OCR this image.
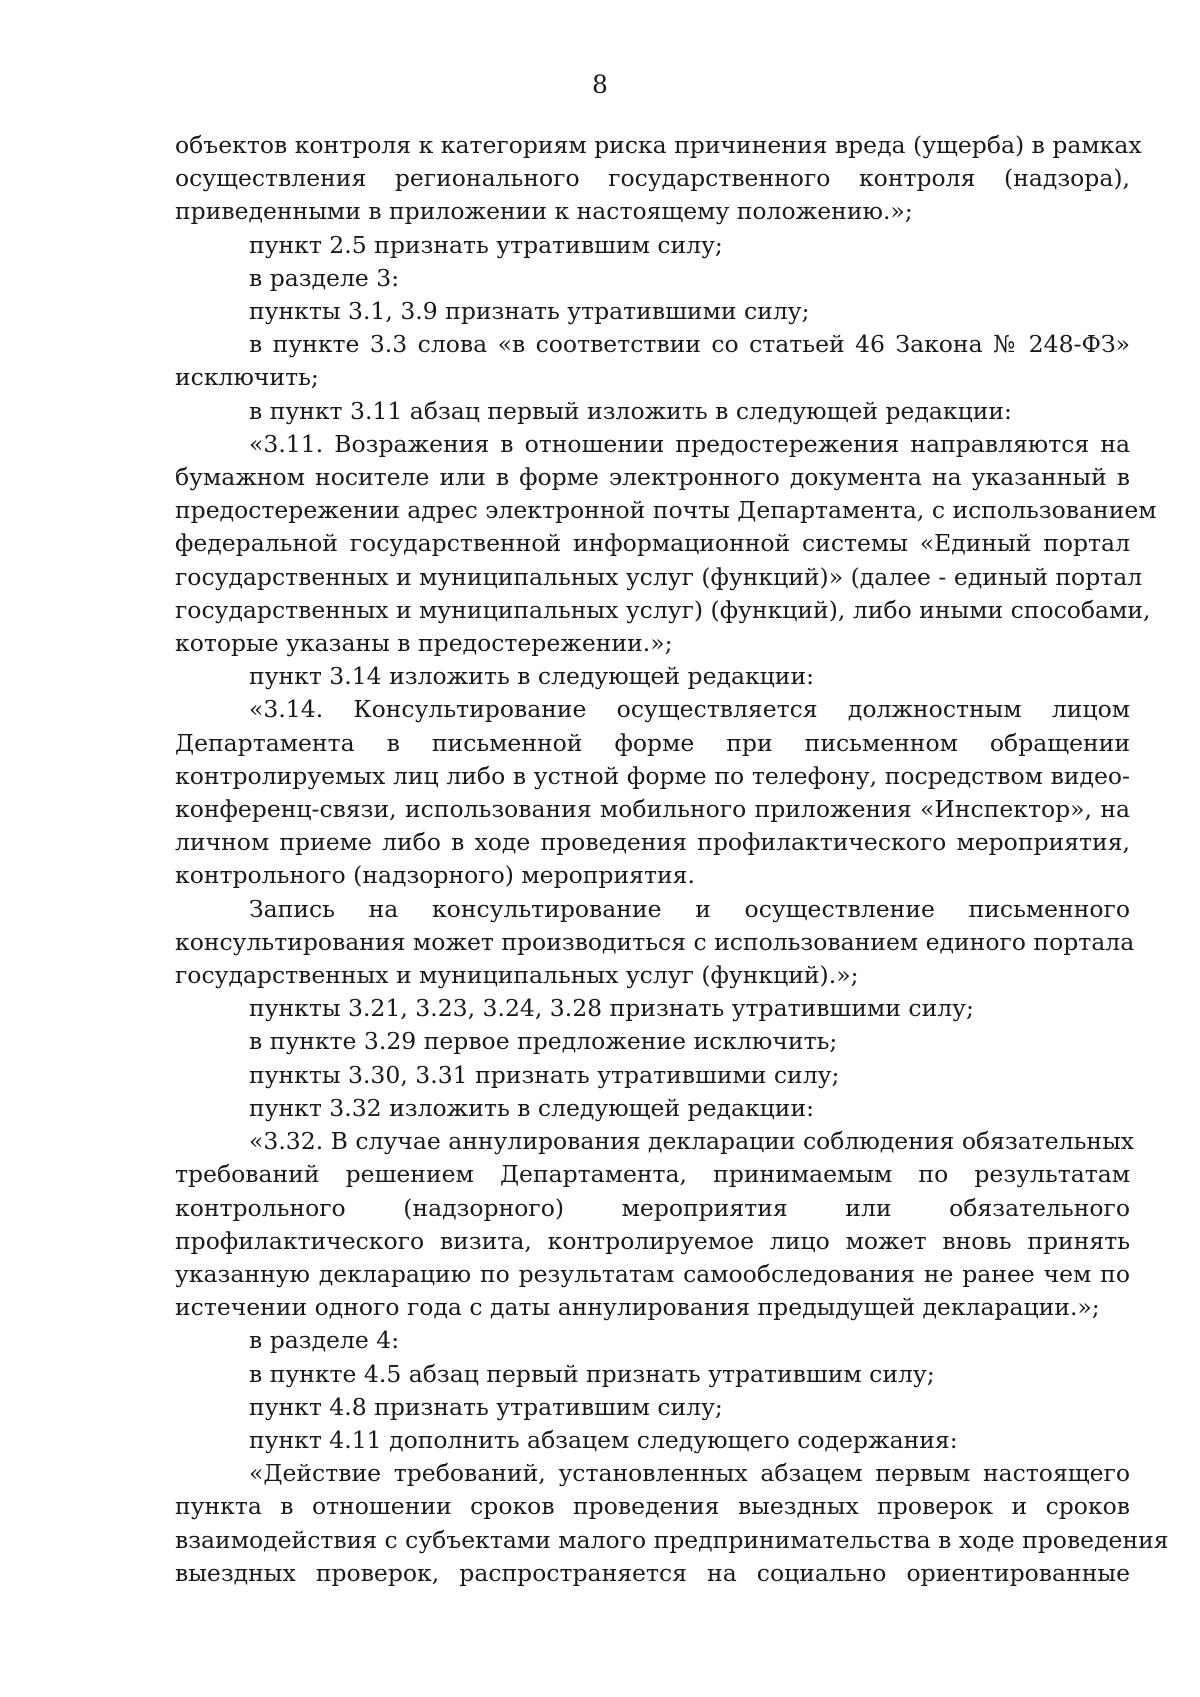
8

объектов контроля к категориям риска причинения вреда (ущерба) в рамках
осуществления регионального государственного контроля (надзора),
приведенными в приложении к настоящему положению.»;

пункт 2.5 признать утратившим силу;

в разделе 3:

пункты 3.1, 3.9 признать утратившими силу;

в пункте 3.3 слова «в соответствии со статьей 46 Закона № 248-ФЗ»
исключить;

в пункт 3.11 абзац первый изложить в следующей редакции:

«3.11. Возражения в отношении предостережения направляются на
бумажном носителе или в форме электронного документа на указанный в
предостережении адрес электронной почты Департамента, с использованием
федеральной государственной информационной системы «Единый портал
государственных и муниципальных услуг (функций)» (далее - единый портал
государственных и муниципальных услуг) (функций), либо иными способами,
которые указаны в предостережении.»;

пункт 3.14 изложить в следующей редакции:

«3.14. Консультирование осуществляется должностным лицом
Департамента в письменной форме при письменном обращении
контролируемых лиц либо в устной форме по телефону, посредством видео-
конференц-связи, использования мобильного приложения «Инспектор», на
личном приеме либо в ходе проведения профилактического мероприятия,
контрольного (надзорного) мероприятия.

Запись на консультирование и осуществление письменного
консультирования может производиться с использованием единого портала
государственных и муниципальных услуг (функций).»;

пункты 3.21, 3.23, 3.24, 3.28 признать утратившими силу;

в пункте 3.29 первое предложение исключить;

пункты 3.30, 3.31 признать утратившими силу;

пункт 3.32 изложить в следующей редакции:

«3.32. В случае аннулирования декларации соблюдения обязательных
требований решением Департамента, принимаемым по результатам
контрольного (надзорного) мероприятия или обязательного
профилактического визита, контролируемое лицо может вновь принять
указанную декларацию по результатам самообследования не ранее чем по
истечении одного года с даты аннулирования предыдущей декларации.»;

в разделе 4:

в пункте 4.5 абзац первый признать утратившим силу;

пункт 4.8 признать утратившим силу;

пункт 4.11 дополнить абзацем следующего содержания:

«Действие требований, установленных абзацем первым настоящего
пункта в отношении сроков проведения выездных проверок и сроков
взаимодействия с субъектами малого предпринимательства в ходе проведения
выездных проверок, распространяется на социально ориентированные
